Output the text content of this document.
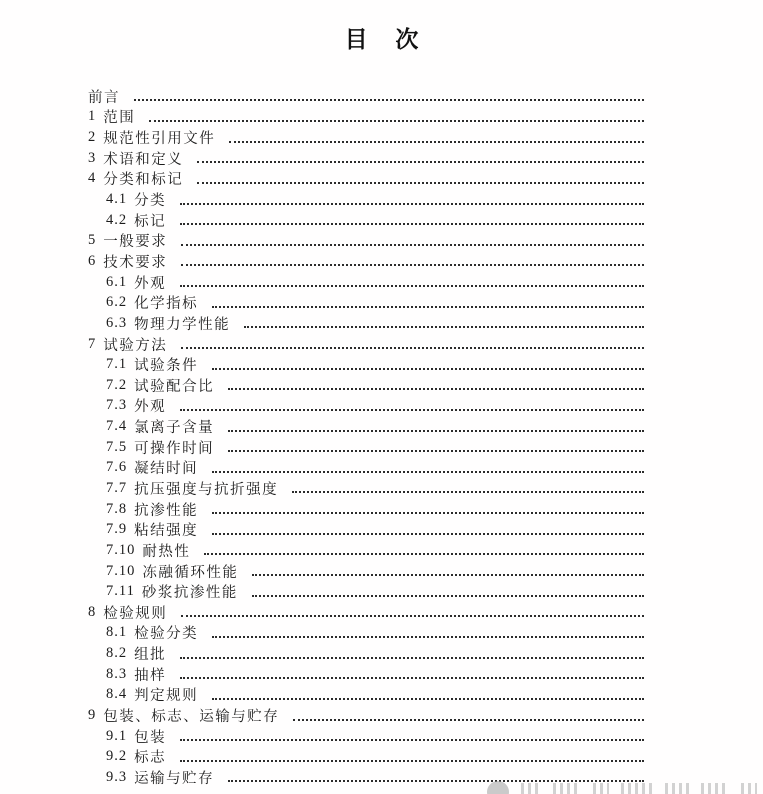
目 次
前言
1 范围
2 规范性引用文件
3 术语和定义
4 分类和标记
4.1 分类
4.2 标记
5 一般要求
6 技术要求
6.1 外观
6.2 化学指标
6.3 物理力学性能
7 试验方法
7.1 试验条件
7.2 试验配合比
7.3 外观
7.4 氯离子含量
7.5 可操作时间
7.6 凝结时间
7.7 抗压强度与抗折强度
7.8 抗渗性能
7.9 粘结强度
7.10 耐热性
7.10 冻融循环性能
7.11 砂浆抗渗性能
8 检验规则
8.1 检验分类
8.2 组批
8.3 抽样
8.4 判定规则
9 包装、标志、运输与贮存
9.1 包装
9.2 标志
9.3 运输与贮存
